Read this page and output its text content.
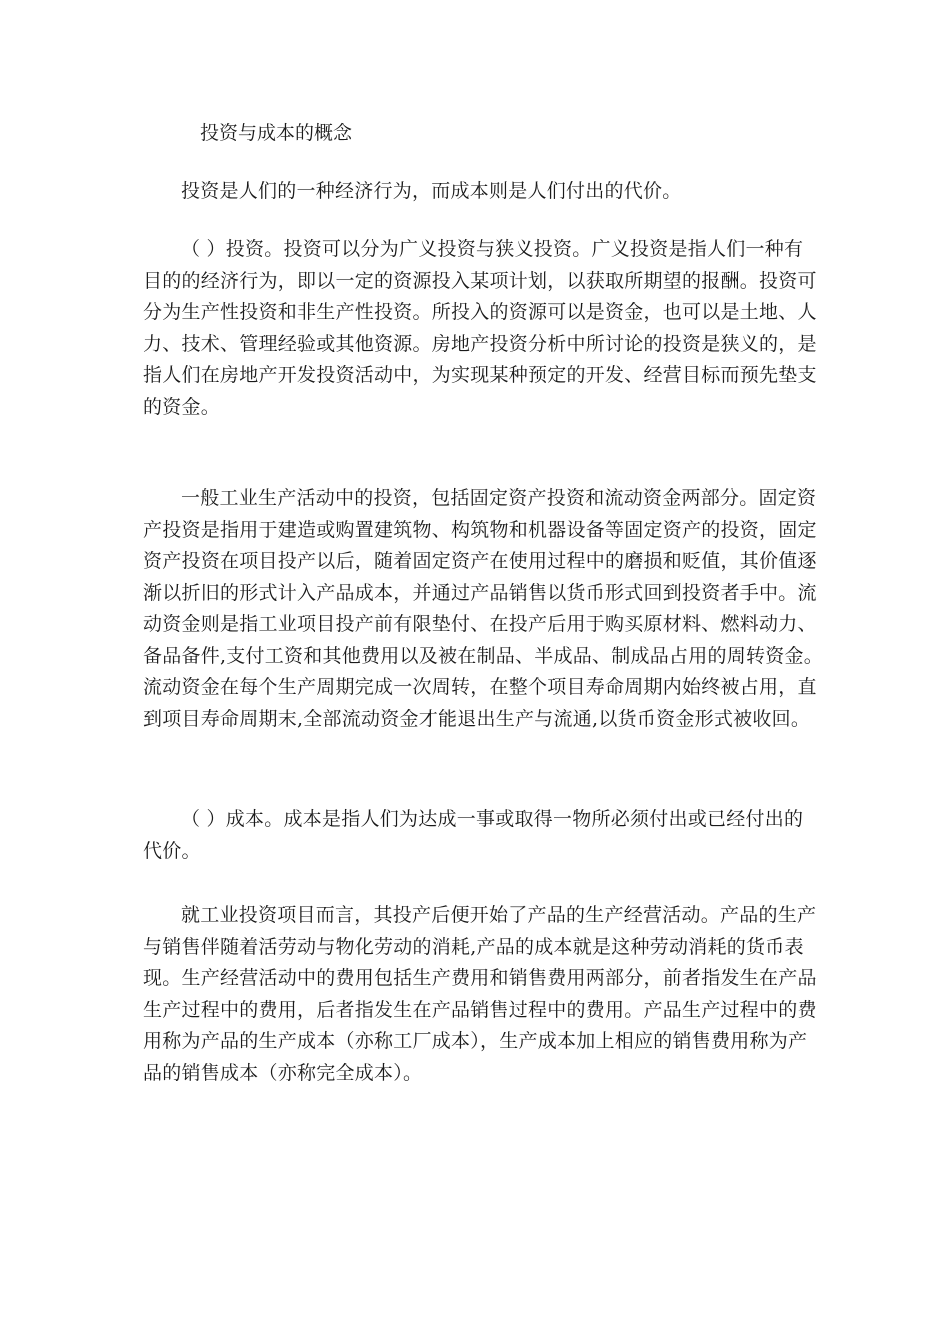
投资与成本的概念
投资是人们的一种经济行为，而成本则是人们付出的代价。
（ ）投资。投资可以分为广义投资与狭义投资。广义投资是指人们一种有
目的的经济行为，即以一定的资源投入某项计划，以获取所期望的报酬。投资可
分为生产性投资和非生产性投资。所投入的资源可以是资金，也可以是土地、人
力、技术、管理经验或其他资源。房地产投资分析中所讨论的投资是狭义的，是
指人们在房地产开发投资活动中，为实现某种预定的开发、经营目标而预先垫支
的资金。
一般工业生产活动中的投资，包括固定资产投资和流动资金两部分。固定资
产投资是指用于建造或购置建筑物、构筑物和机器设备等固定资产的投资，固定
资产投资在项目投产以后，随着固定资产在使用过程中的磨损和贬值，其价值逐
渐以折旧的形式计入产品成本，并通过产品销售以货币形式回到投资者手中。流
动资金则是指工业项目投产前有限垫付、在投产后用于购买原材料、燃料动力、
备品备件,支付工资和其他费用以及被在制品、半成品、制成品占用的周转资金。
流动资金在每个生产周期完成一次周转，在整个项目寿命周期内始终被占用，直
到项目寿命周期末,全部流动资金才能退出生产与流通,以货币资金形式被收回。
（ ）成本。成本是指人们为达成一事或取得一物所必须付出或已经付出的
代价。
就工业投资项目而言，其投产后便开始了产品的生产经营活动。产品的生产
与销售伴随着活劳动与物化劳动的消耗,产品的成本就是这种劳动消耗的货币表
现。生产经营活动中的费用包括生产费用和销售费用两部分，前者指发生在产品
生产过程中的费用，后者指发生在产品销售过程中的费用。产品生产过程中的费
用称为产品的生产成本（亦称工厂成本），生产成本加上相应的销售费用称为产
品的销售成本（亦称完全成本）。
